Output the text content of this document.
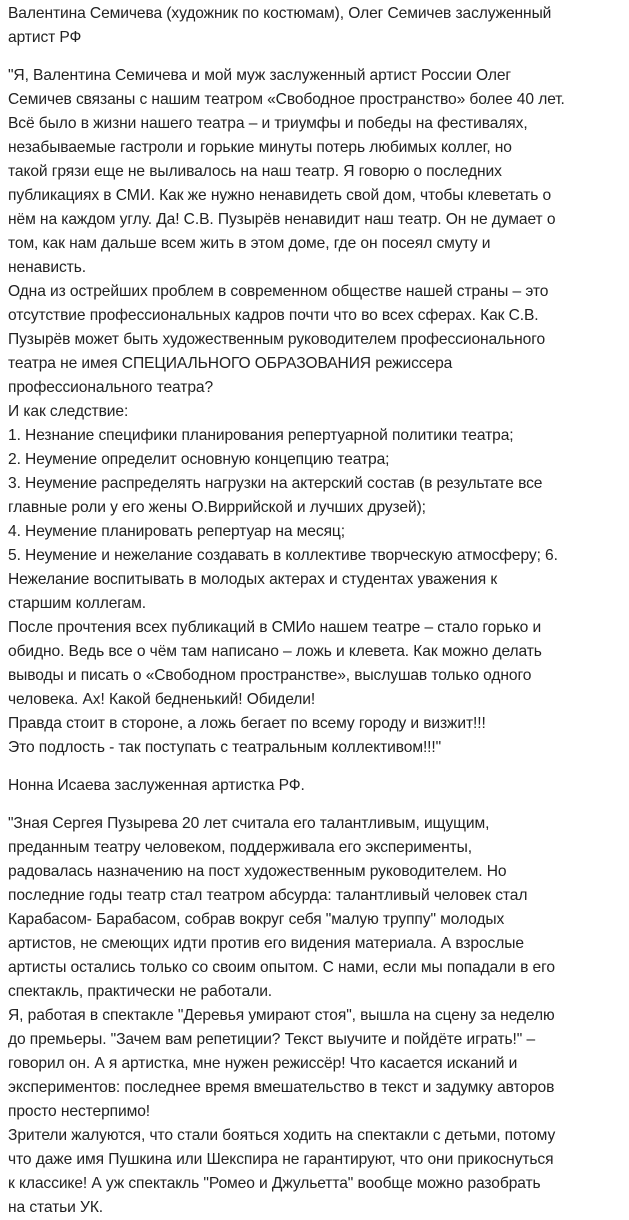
Валентина Семичева (художник по костюмам), Олег Семичев заслуженный
артист РФ
"Я, Валентина Семичева и мой муж заслуженный артист России Олег
Семичев связаны с нашим театром «Свободное пространство» более 40 лет.
Всё было в жизни нашего театра – и триумфы и победы на фестивалях,
незабываемые гастроли и горькие минуты потерь любимых коллег, но
такой грязи еще не выливалось на наш театр. Я говорю о последних
публикациях в СМИ. Как же нужно ненавидеть свой дом, чтобы клеветать о
нём на каждом углу. Да! С.В. Пузырёв ненавидит наш театр. Он не думает о
том, как нам дальше всем жить в этом доме, где он посеял смуту и
ненависть.
Одна из острейших проблем в современном обществе нашей страны – это
отсутствие профессиональных кадров почти что во всех сферах. Как С.В.
Пузырёв может быть художественным руководителем профессионального
театра не имея СПЕЦИАЛЬНОГО ОБРАЗОВАНИЯ режиссера
профессионального театра?
И как следствие:
1. Незнание специфики планирования репертуарной политики театра;
2. Неумение определит основную концепцию театра;
3. Неумение распределять нагрузки на актерский состав (в результате все
главные роли у его жены О.Виррийской и лучших друзей);
4. Неумение планировать репертуар на месяц;
5. Неумение и нежелание создавать в коллективе творческую атмосферу; 6.
Нежелание воспитывать в молодых актерах и студентах уважения к
старшим коллегам.
После прочтения всех публикаций в СМИо нашем театре – стало горько и
обидно. Ведь все о чём там написано – ложь и клевета. Как можно делать
выводы и писать о «Свободном пространстве», выслушав только одного
человека. Ах! Какой бедненький! Обидели!
Правда стоит в стороне, а ложь бегает по всему городу и визжит!!!
Это подлость - так поступать с театральным коллективом!!!"
Нонна Исаева заслуженная артистка РФ.
"Зная Сергея Пузырева 20 лет считала его талантливым, ищущим,
преданным театру человеком, поддерживала его эксперименты,
радовалась назначению на пост художественным руководителем. Но
последние годы театр стал театром абсурда: талантливый человек стал
Карабасом- Барабасом, собрав вокруг себя "малую труппу" молодых
артистов, не смеющих идти против его видения материала. А взрослые
артисты остались только со своим опытом. С нами, если мы попадали в его
спектакль, практически не работали.
Я, работая в спектакле "Деревья умирают стоя", вышла на сцену за неделю
до премьеры. "Зачем вам репетиции? Текст выучите и пойдёте играть!" –
говорил он. А я артистка, мне нужен режиссёр! Что касается исканий и
экспериментов: последнее время вмешательство в текст и задумку авторов
просто нестерпимо!
Зрители жалуются, что стали бояться ходить на спектакли с детьми, потому
что даже имя Пушкина или Шекспира не гарантируют, что они прикоснуться
к классике! А уж спектакль "Ромео и Джульетта" вообще можно разобрать
на статьи УК.
